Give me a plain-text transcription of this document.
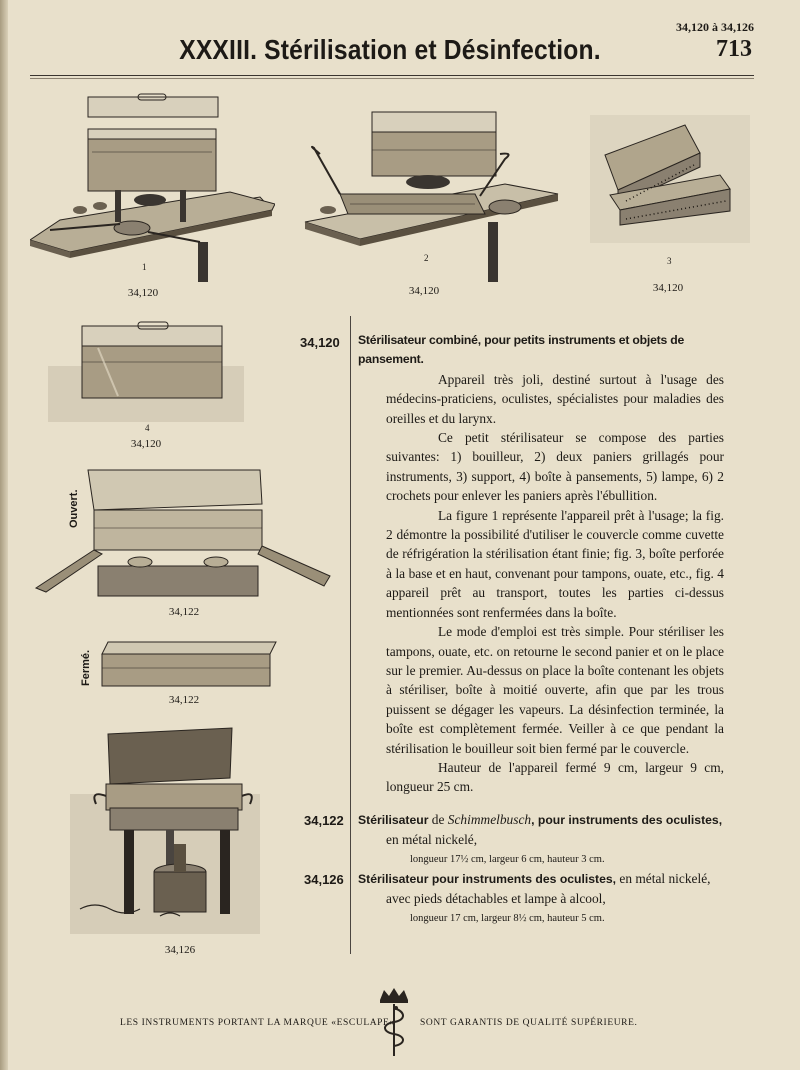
34,120 à 34,126
713
XXXIII. Stérilisation et Désinfection.
1
34,120
2
34,120
3
34,120
4
34,120
Ouvert.
34,122
Fermé.
34,122
34,126
34,120
34,122
34,126
Stérilisateur combiné, pour petits instruments et objets de pansement.

Appareil très joli, destiné surtout à l'usage des médecins-praticiens, oculistes, spécialistes pour maladies des oreilles et du larynx.

Ce petit stérilisateur se compose des parties suivantes: 1) bouilleur, 2) deux paniers grillagés pour instruments, 3) support, 4) boîte à pansements, 5) lampe, 6) 2 crochets pour enlever les paniers après l'ébullition.

La figure 1 représente l'appareil prêt à l'usage; la fig. 2 démontre la possibilité d'utiliser le couvercle comme cuvette de réfrigération la stérilisation étant finie; fig. 3, boîte perforée à la base et en haut, convenant pour tampons, ouate, etc., fig. 4 appareil prêt au transport, toutes les parties ci-dessus mentionnées sont renfermées dans la boîte.

Le mode d'emploi est très simple. Pour stériliser les tampons, ouate, etc. on retourne le second panier et on le place sur le premier. Au-dessus on place la boîte contenant les objets à stériliser, boîte à moitié ouverte, afin que par les trous puissent se dégager les vapeurs. La désinfection terminée, la boîte est complètement fermée. Veiller à ce que pendant la stérilisation le bouilleur soit bien fermé par le couvercle.

Hauteur de l'appareil fermé 9 cm, largeur 9 cm, longueur 25 cm.

Stérilisateur de Schimmelbusch, pour instruments des oculistes,
en métal nickelé,
longueur 17½ cm, largeur 6 cm, hauteur 3 cm.
Stérilisateur pour instruments des oculistes, en métal nickelé,
avec pieds détachables et lampe à alcool,
longueur 17 cm, largeur 8½ cm, hauteur 5 cm.
LES INSTRUMENTS PORTANT LA MARQUE «ESCULAPE»	SONT GARANTIS DE QUALITÉ SUPÉRIEURE.
